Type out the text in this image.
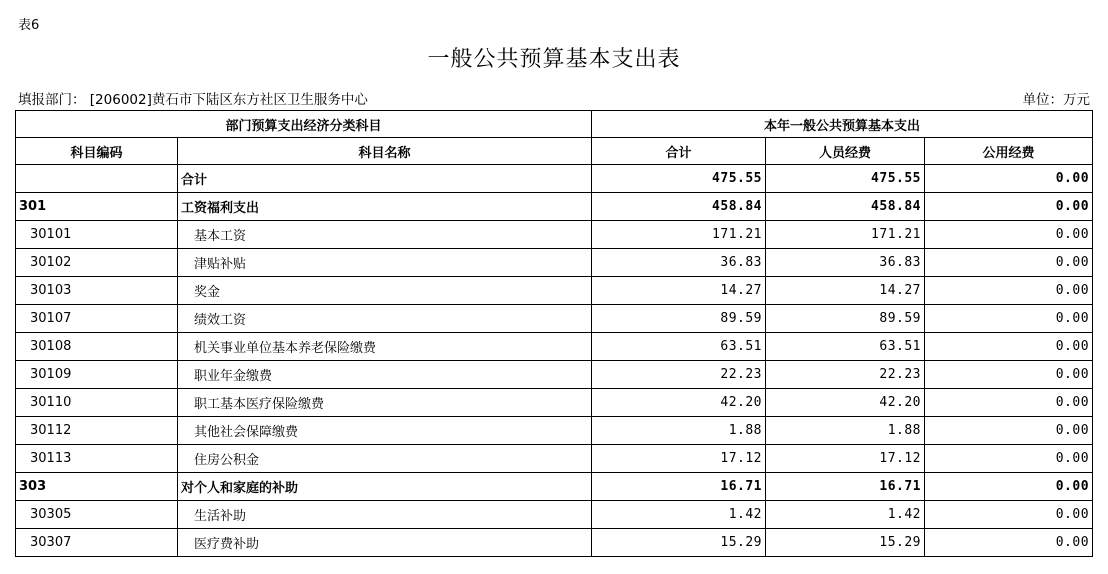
表6
一般公共预算基本支出表
填报部门： [206002]黄石市下陆区东方社区卫生服务中心	单位：万元
部门预算支出经济分类科目		本年一般公共预算基本支出		
科目编码	科目名称	合计	人员经费	公用经费
	合计	475.55	475.55	0.00
301	工资福利支出	458.84	458.84	0.00
30101	基本工资	171.21	171.21	0.00
30102	津贴补贴	36.83	36.83	0.00
30103	奖金	14.27	14.27	0.00
30107	绩效工资	89.59	89.59	0.00
30108	机关事业单位基本养老保险缴费	63.51	63.51	0.00
30109	职业年金缴费	22.23	22.23	0.00
30110	职工基本医疗保险缴费	42.20	42.20	0.00
30112	其他社会保障缴费	1.88	1.88	0.00
30113	住房公积金	17.12	17.12	0.00
303	对个人和家庭的补助	16.71	16.71	0.00
30305	生活补助	1.42	1.42	0.00
30307	医疗费补助	15.29	15.29	0.00
